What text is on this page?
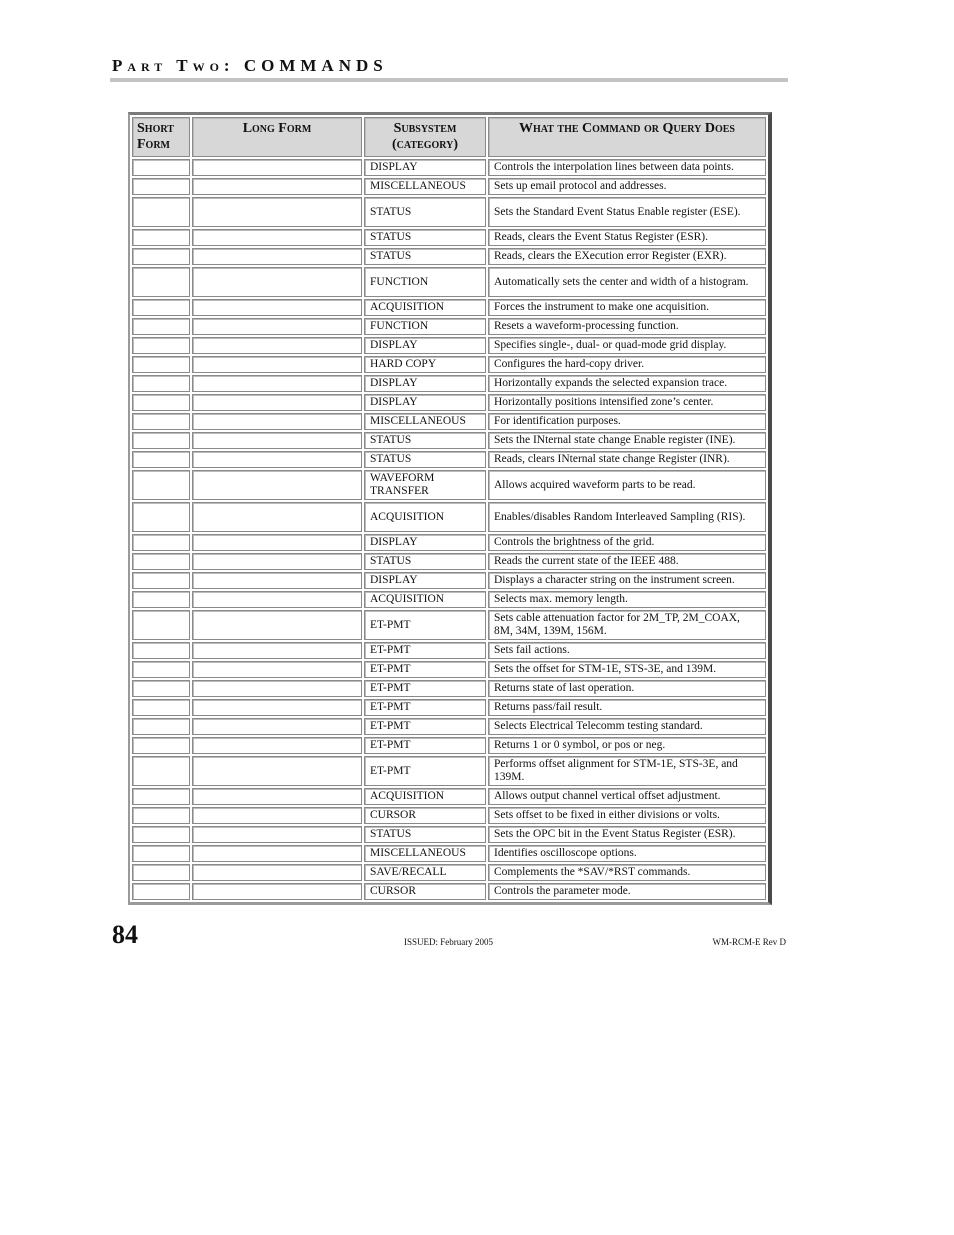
Part Two: COMMANDS
Short Form	Long Form	Subsystem (category)	What the Command or Query Does
		DISPLAY	Controls the interpolation lines between data points.
		MISCELLANEOUS	Sets up email protocol and addresses.
		STATUS	Sets the Standard Event Status Enable register (ESE).
		STATUS	Reads, clears the Event Status Register (ESR).
		STATUS	Reads, clears the EXecution error Register (EXR).
		FUNCTION	Automatically sets the center and width of a histogram.
		ACQUISITION	Forces the instrument to make one acquisition.
		FUNCTION	Resets a waveform-processing function.
		DISPLAY	Specifies single-, dual- or quad-mode grid display.
		HARD COPY	Configures the hard-copy driver.
		DISPLAY	Horizontally expands the selected expansion trace.
		DISPLAY	Horizontally positions intensified zone’s center.
		MISCELLANEOUS	For identification purposes.
		STATUS	Sets the INternal state change Enable register (INE).
		STATUS	Reads, clears INternal state change Register (INR).
		WAVEFORM TRANSFER	Allows acquired waveform parts to be read.
		ACQUISITION	Enables/disables Random Interleaved Sampling (RIS).
		DISPLAY	Controls the brightness of the grid.
		STATUS	Reads the current state of the IEEE 488.
		DISPLAY	Displays a character string on the instrument screen.
		ACQUISITION	Selects max. memory length.
		ET-PMT	Sets cable attenuation factor for 2M_TP, 2M_COAX, 8M, 34M, 139M, 156M.
		ET-PMT	Sets fail actions.
		ET-PMT	Sets the offset for STM-1E, STS-3E, and 139M.
		ET-PMT	Returns state of last operation.
		ET-PMT	Returns pass/fail result.
		ET-PMT	Selects Electrical Telecomm testing standard.
		ET-PMT	Returns 1 or 0 symbol, or pos or neg.
		ET-PMT	Performs offset alignment for STM-1E, STS-3E, and 139M.
		ACQUISITION	Allows output channel vertical offset adjustment.
		CURSOR	Sets offset to be fixed in either divisions or volts.
		STATUS	Sets the OPC bit in the Event Status Register (ESR).
		MISCELLANEOUS	Identifies oscilloscope options.
		SAVE/RECALL	Complements the *SAV/*RST commands.
		CURSOR	Controls the parameter mode.
84	ISSUED: February 2005	WM-RCM-E Rev D
